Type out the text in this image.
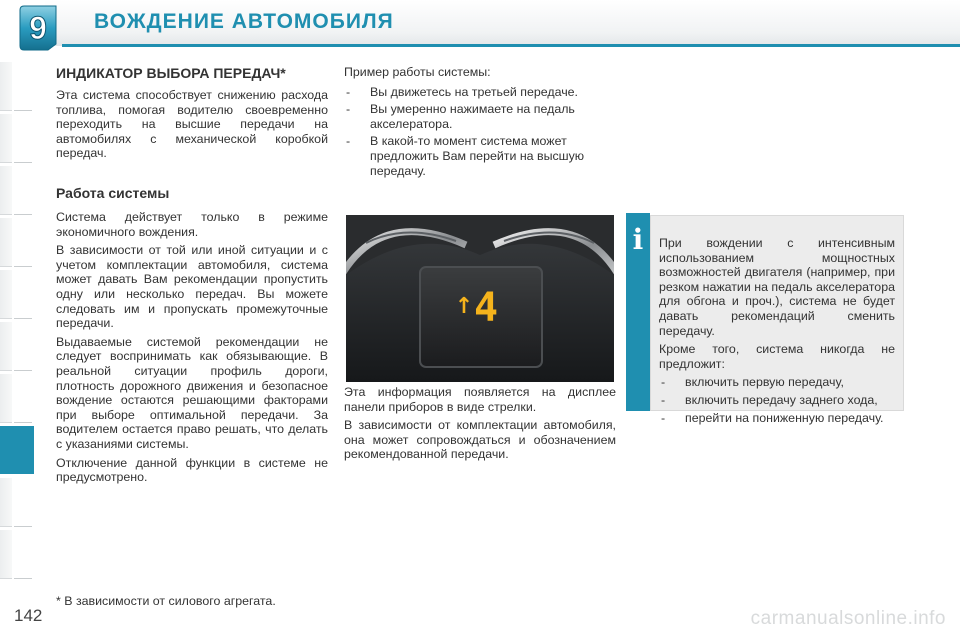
9 ВОЖДЕНИЕ АВТОМОБИЛЯ
ИНДИКАТОР ВЫБОРА ПЕРЕДАЧ*

Эта система способствует снижению расхода топлива, помогая водителю своевременно переходить на высшие передачи на автомобилях с механической коробкой передач.

Работа системы

Система действует только в режиме экономичного вождения.

В зависимости от той или иной ситуации и с учетом комплектации автомобиля, система может давать Вам рекомендации пропустить одну или несколько передач. Вы можете следовать им и пропускать промежуточные передачи.

Выдаваемые системой рекомендации не следует воспринимать как обязывающие. В реальной ситуации профиль дороги, плотность дорожного движения и безопасное вождение остаются решающими факторами при выборе оптимальной передачи. За водителем остается право решать, что делать с указаниями системы.

Отключение данной функции в системе не предусмотрено.

Пример работы системы:

- Вы движетесь на третьей передаче.
- Вы умеренно нажимаете на педаль акселератора.
- В какой-то момент система может предложить Вам перейти на высшую передачу.
↑ 4

Эта информация появляется на дисплее панели приборов в виде стрелки.

В зависимости от комплектации автомобиля, она может сопровождаться и обозначением рекомендованной передачи.

i	При вождении с интенсивным использованием мощностных возможностей двигателя (например, при резком нажатии на педаль акселератора для обгона и проч.), система не будет давать рекомендаций сменить передачу.

Кроме того, система никогда не предложит:

- включить первую передачу,
- включить передачу заднего хода,
- перейти на пониженную передачу.
* В зависимости от силового агрегата.
142	carmanualsonline.info
